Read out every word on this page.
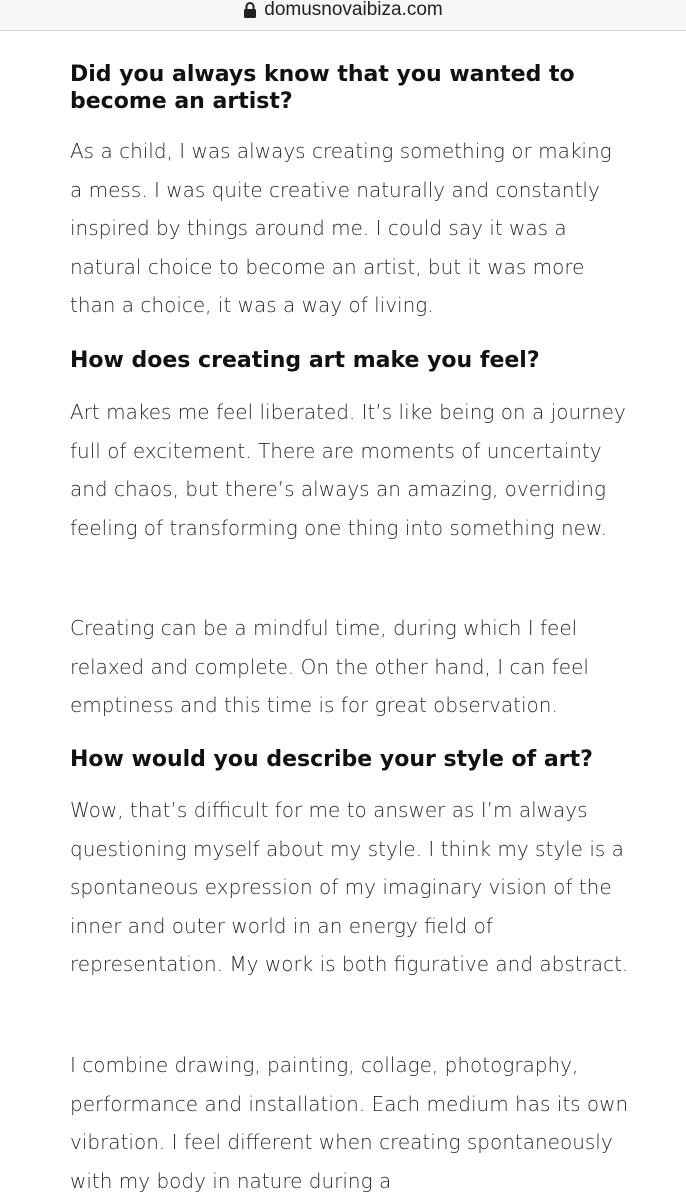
domusnovaibiza.com
Did you always know that you wanted to become an artist?

As a child, I was always creating something or making a mess. I was quite creative naturally and constantly inspired by things around me. I could say it was a natural choice to become an artist, but it was more than a choice, it was a way of living.

How does creating art make you feel?

Art makes me feel liberated. It’s like being on a journey full of excitement. There are moments of uncertainty and chaos, but there’s always an amazing, overriding feeling of transforming one thing into something new.

Creating can be a mindful time, during which I feel relaxed and complete. On the other hand, I can feel emptiness and this time is for great observation.

How would you describe your style of art?

Wow, that’s difficult for me to answer as I’m always questioning myself about my style. I think my style is a spontaneous expression of my imaginary vision of the inner and outer world in an energy field of representation. My work is both figurative and abstract.

I combine drawing, painting, collage, photography, performance and installation. Each medium has its own vibration. I feel different when creating spontaneously with my body in nature during a
